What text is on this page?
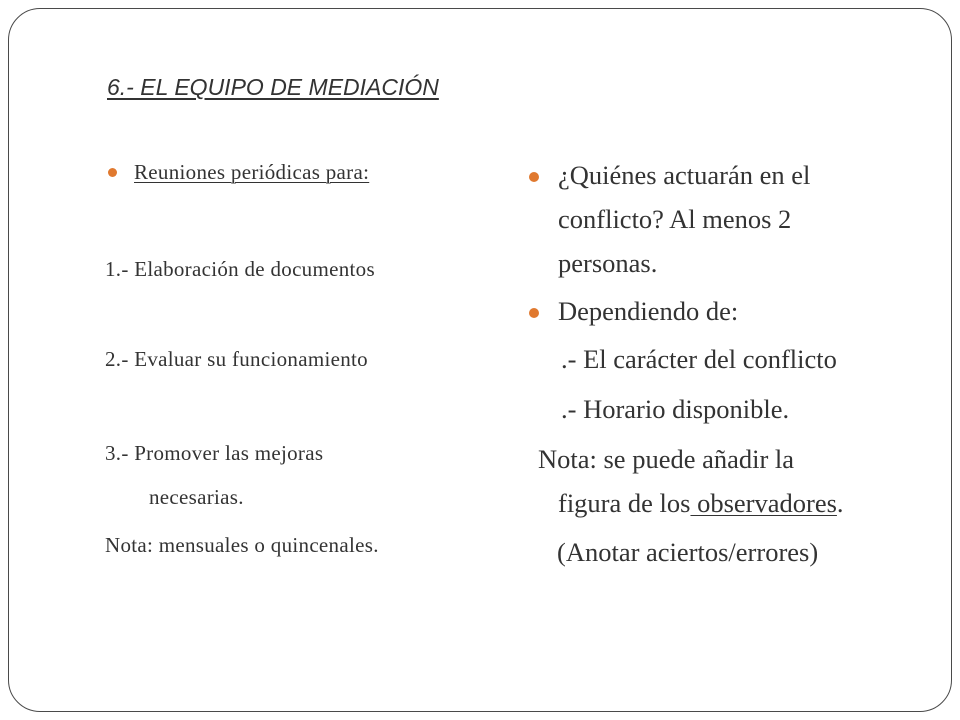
6.- EL EQUIPO DE MEDIACIÓN
Reuniones periódicas para:
1.- Elaboración de documentos
2.- Evaluar su funcionamiento
3.- Promover las mejoras
necesarias.
Nota: mensuales o quincenales.
¿Quiénes actuarán en el
conflicto? Al menos 2
personas.
Dependiendo de:
.- El carácter del conflicto
.- Horario disponible.
Nota: se puede añadir la
figura de los observadores.
(Anotar aciertos/errores)
